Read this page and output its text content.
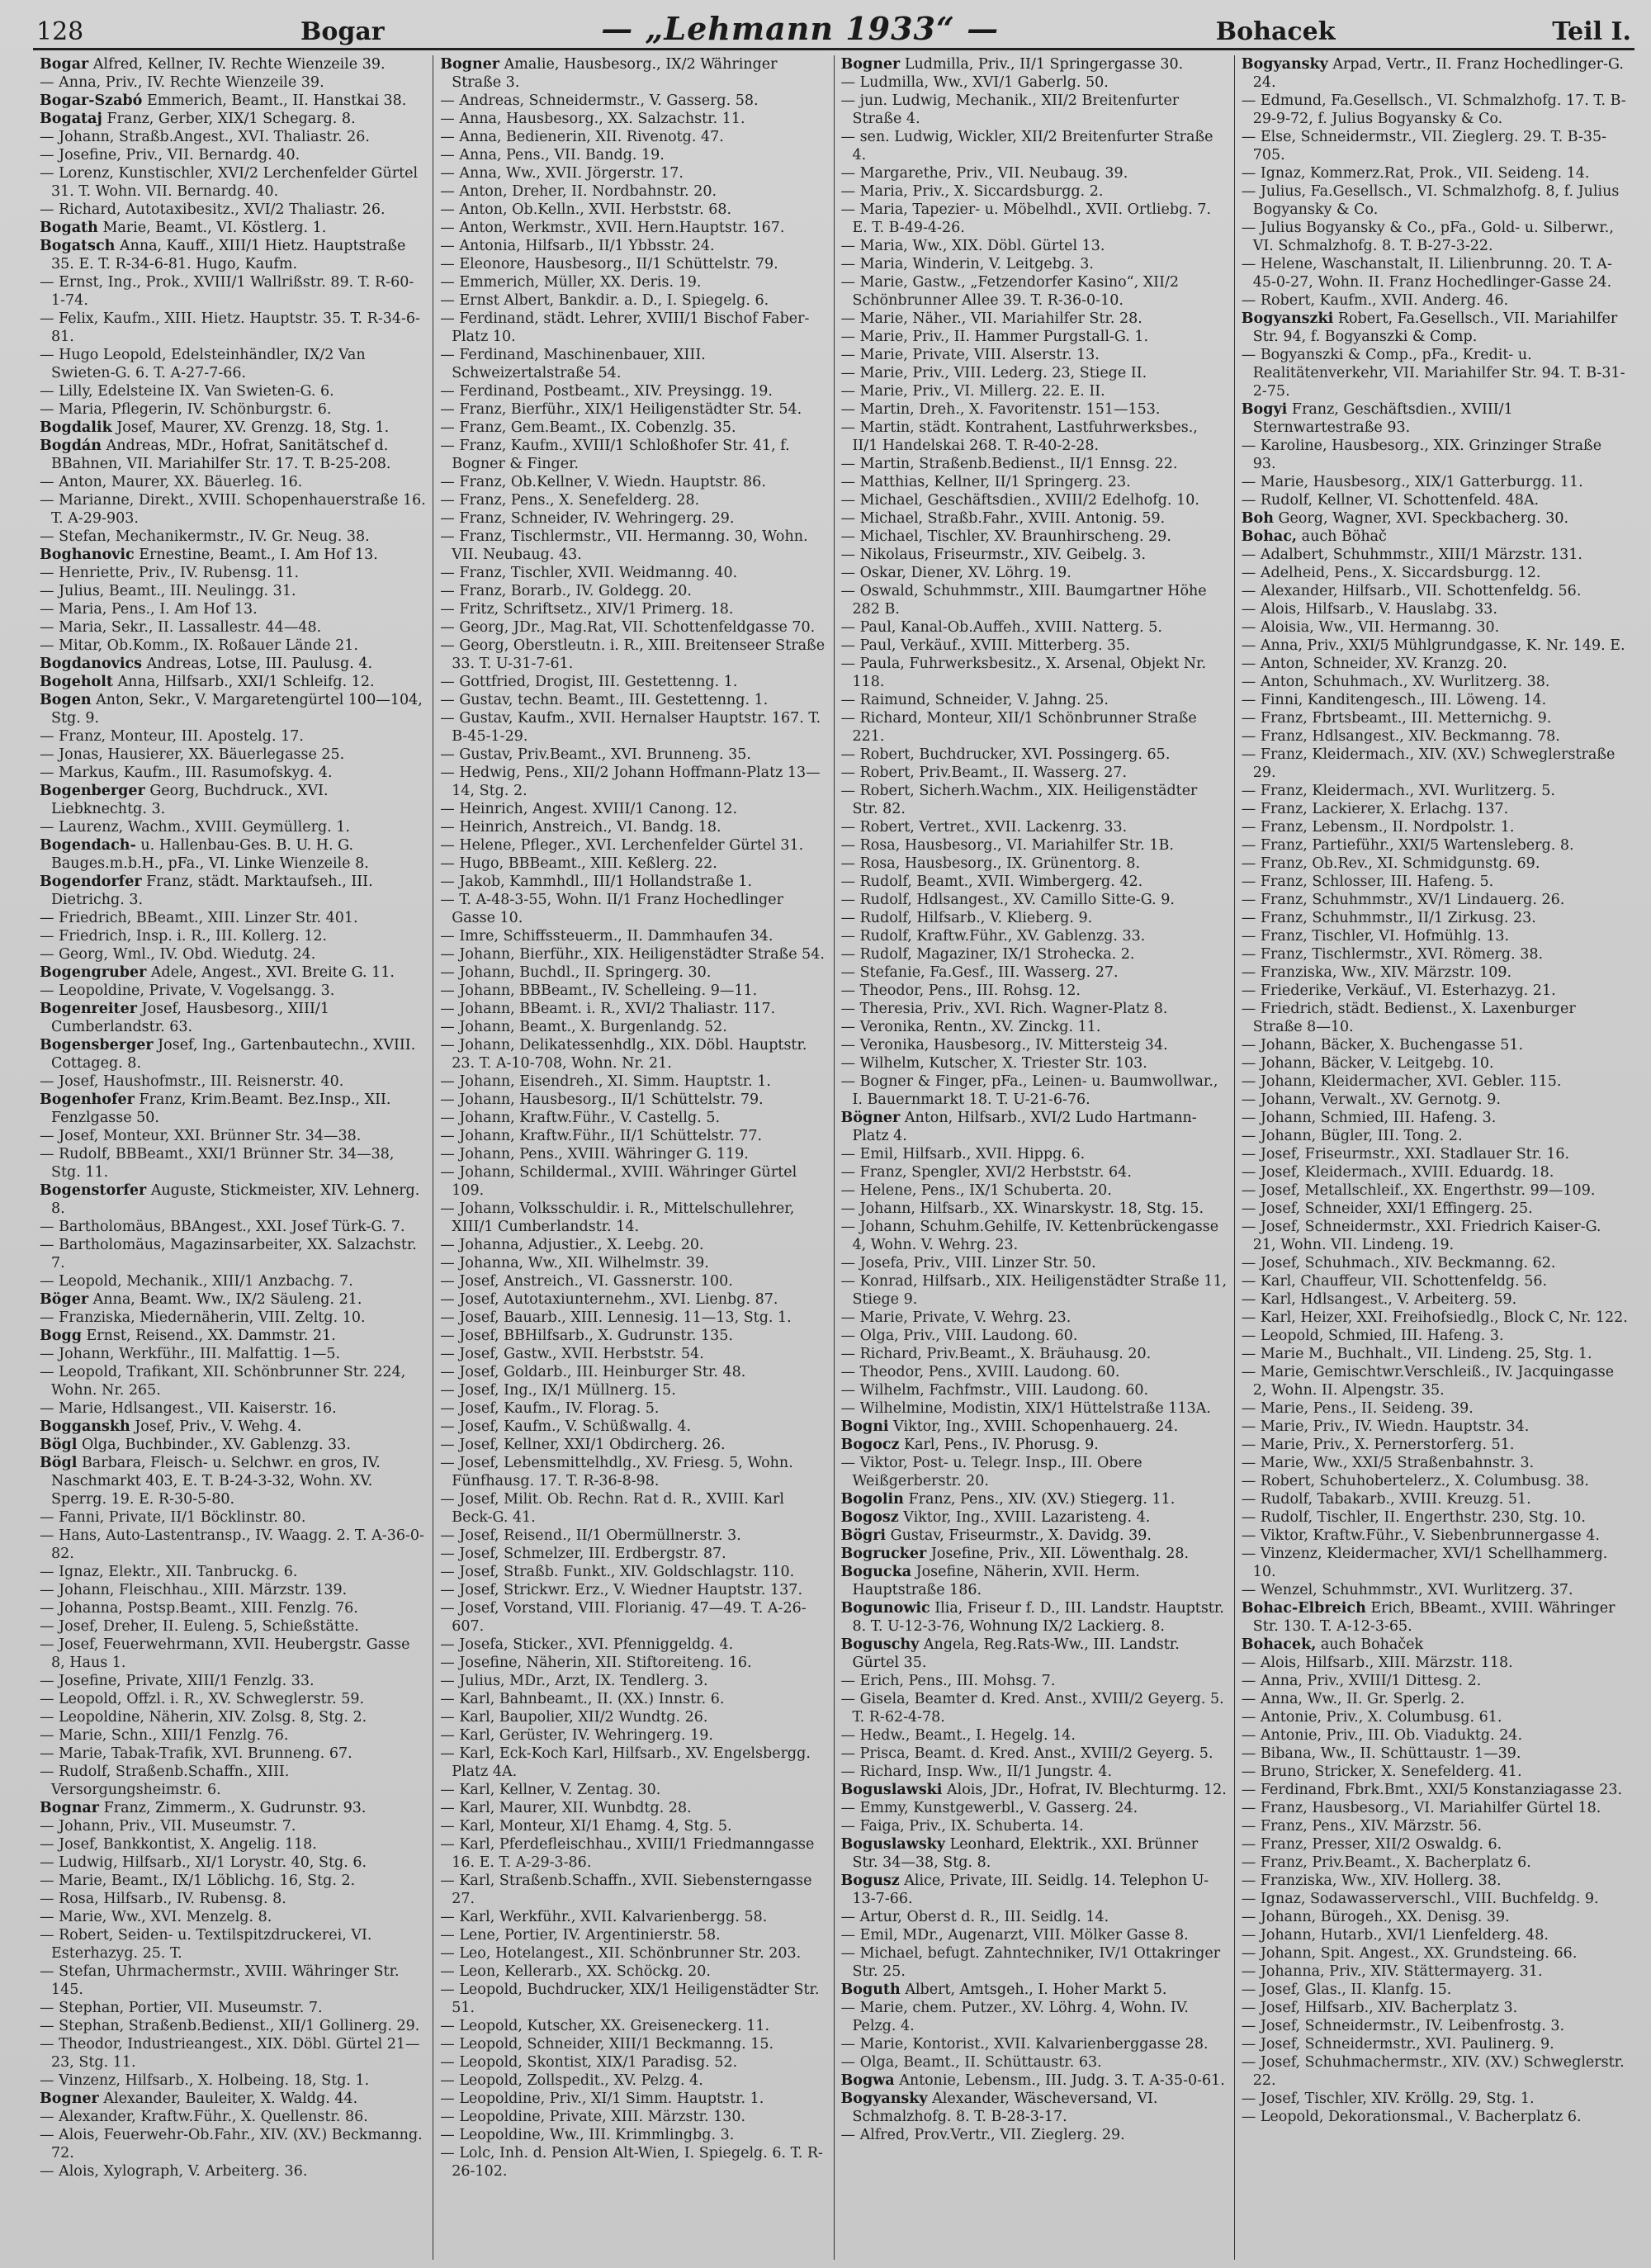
128	Bogar	— „Lehmann 1933“ —	Bohacek	Teil I.

Bogar Alfred, Kellner, IV. Rechte Wienzeile 39.

— Anna, Priv., IV. Rechte Wienzeile 39.

Bogar-Szabó Emmerich, Beamt., II. Hanstkai 38.

Bogataj Franz, Gerber, XIX/1 Schegarg. 8.

— Johann, Straßb.Angest., XVI. Thaliastr. 26.

— Josefine, Priv., VII. Bernardg. 40.

— Lorenz, Kunstischler, XVI/2 Lerchenfelder Gürtel 31. T. Wohn. VII. Bernardg. 40.

— Richard, Autotaxibesitz., XVI/2 Thaliastr. 26.

Bogath Marie, Beamt., VI. Köstlerg. 1.

Bogatsch Anna, Kauff., XIII/1 Hietz. Hauptstraße 35. E. T. R-34-6-81. Hugo, Kaufm.

— Ernst, Ing., Prok., XVIII/1 Wallrißstr. 89. T. R-60-1-74.

— Felix, Kaufm., XIII. Hietz. Hauptstr. 35. T. R-34-6-81.

— Hugo Leopold, Edelsteinhändler, IX/2 Van Swieten-G. 6. T. A-27-7-66.

— Lilly, Edelsteine IX. Van Swieten-G. 6.

— Maria, Pflegerin, IV. Schönburgstr. 6.

Bogdalik Josef, Maurer, XV. Grenzg. 18, Stg. 1.

Bogdán Andreas, MDr., Hofrat, Sanitätschef d. BBahnen, VII. Mariahilfer Str. 17. T. B-25-208.

— Anton, Maurer, XX. Bäuerleg. 16.

— Marianne, Direkt., XVIII. Schopenhauerstraße 16. T. A-29-903.

— Stefan, Mechanikermstr., IV. Gr. Neug. 38.

Boghanovic Ernestine, Beamt., I. Am Hof 13.

— Henriette, Priv., IV. Rubensg. 11.

— Julius, Beamt., III. Neulingg. 31.

— Maria, Pens., I. Am Hof 13.

— Maria, Sekr., II. Lassallestr. 44—48.

— Mitar, Ob.Komm., IX. Roßauer Lände 21.

Bogdanovics Andreas, Lotse, III. Paulusg. 4.

Bogeholt Anna, Hilfsarb., XXI/1 Schleifg. 12.

Bogen Anton, Sekr., V. Margaretengürtel 100—104, Stg. 9.

— Franz, Monteur, III. Apostelg. 17.

— Jonas, Hausierer, XX. Bäuerlegasse 25.

— Markus, Kaufm., III. Rasumofskyg. 4.

Bogenberger Georg, Buchdruck., XVI. Liebknechtg. 3.

— Laurenz, Wachm., XVIII. Geymüllerg. 1.

Bogendach- u. Hallenbau-Ges. B. U. H. G. Bauges.m.b.H., pFa., VI. Linke Wienzeile 8.

Bogendorfer Franz, städt. Marktaufseh., III. Dietrichg. 3.

— Friedrich, BBeamt., XIII. Linzer Str. 401.

— Friedrich, Insp. i. R., III. Kollerg. 12.

— Georg, Wml., IV. Obd. Wiedutg. 24.

Bogengruber Adele, Angest., XVI. Breite G. 11.

— Leopoldine, Private, V. Vogelsangg. 3.

Bogenreiter Josef, Hausbesorg., XIII/1 Cumberlandstr. 63.

Bogensberger Josef, Ing., Gartenbautechn., XVIII. Cottageg. 8.

— Josef, Haushofmstr., III. Reisnerstr. 40.

Bogenhofer Franz, Krim.Beamt. Bez.Insp., XII. Fenzlgasse 50.

— Josef, Monteur, XXI. Brünner Str. 34—38.

— Rudolf, BBBeamt., XXI/1 Brünner Str. 34—38, Stg. 11.

Bogenstorfer Auguste, Stickmeister, XIV. Lehnerg. 8.

— Bartholomäus, BBAngest., XXI. Josef Türk-G. 7.

— Bartholomäus, Magazinsarbeiter, XX. Salzachstr. 7.

— Leopold, Mechanik., XIII/1 Anzbachg. 7.

Böger Anna, Beamt. Ww., IX/2 Säuleng. 21.

— Franziska, Miedernäherin, VIII. Zeltg. 10.

Bogg Ernst, Reisend., XX. Dammstr. 21.

— Johann, Werkführ., III. Malfattig. 1—5.

— Leopold, Trafikant, XII. Schönbrunner Str. 224, Wohn. Nr. 265.

— Marie, Hdlsangest., VII. Kaiserstr. 16.

Bogganskh Josef, Priv., V. Wehg. 4.

Bögl Olga, Buchbinder., XV. Gablenzg. 33.

Bögl Barbara, Fleisch- u. Selchwr. en gros, IV. Naschmarkt 403, E. T. B-24-3-32, Wohn. XV. Sperrg. 19. E. R-30-5-80.

— Fanni, Private, II/1 Böcklinstr. 80.

— Hans, Auto-Lastentransp., IV. Waagg. 2. T. A-36-0-82.

— Ignaz, Elektr., XII. Tanbruckg. 6.

— Johann, Fleischhau., XIII. Märzstr. 139.

— Johanna, Postsp.Beamt., XIII. Fenzlg. 76.

— Josef, Dreher, II. Euleng. 5, Schießstätte.

— Josef, Feuerwehrmann, XVII. Heubergstr. Gasse 8, Haus 1.

— Josefine, Private, XIII/1 Fenzlg. 33.

— Leopold, Offzl. i. R., XV. Schweglerstr. 59.

— Leopoldine, Näherin, XIV. Zolsg. 8, Stg. 2.

— Marie, Schn., XIII/1 Fenzlg. 76.

— Marie, Tabak-Trafik, XVI. Brunneng. 67.

— Rudolf, Straßenb.Schaffn., XIII. Versorgungsheimstr. 6.

Bognar Franz, Zimmerm., X. Gudrunstr. 93.

— Johann, Priv., VII. Museumstr. 7.

— Josef, Bankkontist, X. Angelig. 118.

— Ludwig, Hilfsarb., XI/1 Lorystr. 40, Stg. 6.

— Marie, Beamt., IX/1 Löblichg. 16, Stg. 2.

— Rosa, Hilfsarb., IV. Rubensg. 8.

— Marie, Ww., XVI. Menzelg. 8.

— Robert, Seiden- u. Textilspitzdruckerei, VI. Esterhazyg. 25. T.

— Stefan, Uhrmachermstr., XVIII. Währinger Str. 145.

— Stephan, Portier, VII. Museumstr. 7.

— Stephan, Straßenb.Bedienst., XII/1 Gollinerg. 29.

— Theodor, Industrieangest., XIX. Döbl. Gürtel 21—23, Stg. 11.

— Vinzenz, Hilfsarb., X. Holbeing. 18, Stg. 1.

Bogner Alexander, Bauleiter, X. Waldg. 44.

— Alexander, Kraftw.Führ., X. Quellenstr. 86.

— Alois, Feuerwehr-Ob.Fahr., XIV. (XV.) Beckmanng. 72.

— Alois, Xylograph, V. Arbeiterg. 36.

Bogner Amalie, Hausbesorg., IX/2 Währinger Straße 3.

— Andreas, Schneidermstr., V. Gasserg. 58.

— Anna, Hausbesorg., XX. Salzachstr. 11.

— Anna, Bedienerin, XII. Rivenotg. 47.

— Anna, Pens., VII. Bandg. 19.

— Anna, Ww., XVII. Jörgerstr. 17.

— Anton, Dreher, II. Nordbahnstr. 20.

— Anton, Ob.Kelln., XVII. Herbststr. 68.

— Anton, Werkmstr., XVII. Hern.Hauptstr. 167.

— Antonia, Hilfsarb., II/1 Ybbsstr. 24.

— Eleonore, Hausbesorg., II/1 Schüttelstr. 79.

— Emmerich, Müller, XX. Deris. 19.

— Ernst Albert, Bankdir. a. D., I. Spiegelg. 6.

— Ferdinand, städt. Lehrer, XVIII/1 Bischof Faber-Platz 10.

— Ferdinand, Maschinenbauer, XIII. Schweizertalstraße 54.

— Ferdinand, Postbeamt., XIV. Preysingg. 19.

— Franz, Bierführ., XIX/1 Heiligenstädter Str. 54.

— Franz, Gem.Beamt., IX. Cobenzlg. 35.

— Franz, Kaufm., XVIII/1 Schloßhofer Str. 41, f. Bogner & Finger.

— Franz, Ob.Kellner, V. Wiedn. Hauptstr. 86.

— Franz, Pens., X. Senefelderg. 28.

— Franz, Schneider, IV. Wehringerg. 29.

— Franz, Tischlermstr., VII. Hermanng. 30, Wohn. VII. Neubaug. 43.

— Franz, Tischler, XVII. Weidmanng. 40.

— Franz, Borarb., IV. Goldegg. 20.

— Fritz, Schriftsetz., XIV/1 Primerg. 18.

— Georg, JDr., Mag.Rat, VII. Schottenfeldgasse 70.

— Georg, Oberstleutn. i. R., XIII. Breitenseer Straße 33. T. U-31-7-61.

— Gottfried, Drogist, III. Gestettenng. 1.

— Gustav, techn. Beamt., III. Gestettenng. 1.

— Gustav, Kaufm., XVII. Hernalser Hauptstr. 167. T. B-45-1-29.

— Gustav, Priv.Beamt., XVI. Brunneng. 35.

— Hedwig, Pens., XII/2 Johann Hoffmann-Platz 13—14, Stg. 2.

— Heinrich, Angest. XVIII/1 Canong. 12.

— Heinrich, Anstreich., VI. Bandg. 18.

— Helene, Pfleger., XVI. Lerchenfelder Gürtel 31.

— Hugo, BBBeamt., XIII. Keßlerg. 22.

— Jakob, Kammhdl., III/1 Hollandstraße 1.

— T. A-48-3-55, Wohn. II/1 Franz Hochedlinger Gasse 10.

— Imre, Schiffssteuerm., II. Dammhaufen 34.

— Johann, Bierführ., XIX. Heiligenstädter Straße 54.

— Johann, Buchdl., II. Springerg. 30.

— Johann, BBBeamt., IV. Schelleing. 9—11.

— Johann, BBeamt. i. R., XVI/2 Thaliastr. 117.

— Johann, Beamt., X. Burgenlandg. 52.

— Johann, Delikatessenhdlg., XIX. Döbl. Hauptstr. 23. T. A-10-708, Wohn. Nr. 21.

— Johann, Eisendreh., XI. Simm. Hauptstr. 1.

— Johann, Hausbesorg., II/1 Schüttelstr. 79.

— Johann, Kraftw.Führ., V. Castellg. 5.

— Johann, Kraftw.Führ., II/1 Schüttelstr. 77.

— Johann, Pens., XVIII. Währinger G. 119.

— Johann, Schildermal., XVIII. Währinger Gürtel 109.

— Johann, Volksschuldir. i. R., Mittelschullehrer, XIII/1 Cumberlandstr. 14.

— Johanna, Adjustier., X. Leebg. 20.

— Johanna, Ww., XII. Wilhelmstr. 39.

— Josef, Anstreich., VI. Gassnerstr. 100.

— Josef, Autotaxiunternehm., XVI. Lienbg. 87.

— Josef, Bauarb., XIII. Lennesig. 11—13, Stg. 1.

— Josef, BBHilfsarb., X. Gudrunstr. 135.

— Josef, Gastw., XVII. Herbststr. 54.

— Josef, Goldarb., III. Heinburger Str. 48.

— Josef, Ing., IX/1 Müllnerg. 15.

— Josef, Kaufm., IV. Florag. 5.

— Josef, Kaufm., V. Schüßwallg. 4.

— Josef, Kellner, XXI/1 Obdircherg. 26.

— Josef, Lebensmittelhdlg., XV. Friesg. 5, Wohn. Fünfhausg. 17. T. R-36-8-98.

— Josef, Milit. Ob. Rechn. Rat d. R., XVIII. Karl Beck-G. 41.

— Josef, Reisend., II/1 Obermüllnerstr. 3.

— Josef, Schmelzer, III. Erdbergstr. 87.

— Josef, Straßb. Funkt., XIV. Goldschlagstr. 110.

— Josef, Strickwr. Erz., V. Wiedner Hauptstr. 137.

— Josef, Vorstand, VIII. Florianig. 47—49. T. A-26-607.

— Josefa, Sticker., XVI. Pfenniggeldg. 4.

— Josefine, Näherin, XII. Stiftoreiteng. 16.

— Julius, MDr., Arzt, IX. Tendlerg. 3.

— Karl, Bahnbeamt., II. (XX.) Innstr. 6.

— Karl, Baupolier, XII/2 Wundtg. 26.

— Karl, Gerüster, IV. Wehringerg. 19.

— Karl, Eck-Koch Karl, Hilfsarb., XV. Engelsbergg. Platz 4A.

— Karl, Kellner, V. Zentag. 30.

— Karl, Maurer, XII. Wunbdtg. 28.

— Karl, Monteur, XI/1 Ehamg. 4, Stg. 5.

— Karl, Pferdefleischhau., XVIII/1 Friedmanngasse 16. E. T. A-29-3-86.

— Karl, Straßenb.Schaffn., XVII. Siebensterngasse 27.

— Karl, Werkführ., XVII. Kalvarienbergg. 58.

— Lene, Portier, IV. Argentinierstr. 58.

— Leo, Hotelangest., XII. Schönbrunner Str. 203.

— Leon, Kellerarb., XX. Schöckg. 20.

— Leopold, Buchdrucker, XIX/1 Heiligenstädter Str. 51.

— Leopold, Kutscher, XX. Greiseneckerg. 11.

— Leopold, Schneider, XIII/1 Beckmanng. 15.

— Leopold, Skontist, XIX/1 Paradisg. 52.

— Leopold, Zollspedit., XV. Pelzg. 4.

— Leopoldine, Priv., XI/1 Simm. Hauptstr. 1.

— Leopoldine, Private, XIII. Märzstr. 130.

— Leopoldine, Ww., III. Krimmlingbg. 3.

— Lolc, Inh. d. Pension Alt-Wien, I. Spiegelg. 6. T. R-26-102.

Bogner Ludmilla, Priv., II/1 Springergasse 30.

— Ludmilla, Ww., XVI/1 Gaberlg. 50.

— jun. Ludwig, Mechanik., XII/2 Breitenfurter Straße 4.

— sen. Ludwig, Wickler, XII/2 Breitenfurter Straße 4.

— Margarethe, Priv., VII. Neubaug. 39.

— Maria, Priv., X. Siccardsburgg. 2.

— Maria, Tapezier- u. Möbelhdl., XVII. Ortliebg. 7. E. T. B-49-4-26.

— Maria, Ww., XIX. Döbl. Gürtel 13.

— Maria, Winderin, V. Leitgebg. 3.

— Marie, Gastw., „Fetzendorfer Kasino“, XII/2 Schönbrunner Allee 39. T. R-36-0-10.

— Marie, Näher., VII. Mariahilfer Str. 28.

— Marie, Priv., II. Hammer Purgstall-G. 1.

— Marie, Private, VIII. Alserstr. 13.

— Marie, Priv., VIII. Lederg. 23, Stiege II.

— Marie, Priv., VI. Millerg. 22. E. II.

— Martin, Dreh., X. Favoritenstr. 151—153.

— Martin, städt. Kontrahent, Lastfuhrwerksbes., II/1 Handelskai 268. T. R-40-2-28.

— Martin, Straßenb.Bedienst., II/1 Ennsg. 22.

— Matthias, Kellner, II/1 Springerg. 23.

— Michael, Geschäftsdien., XVIII/2 Edelhofg. 10.

— Michael, Straßb.Fahr., XVIII. Antonig. 59.

— Michael, Tischler, XV. Braunhirscheng. 29.

— Nikolaus, Friseurmstr., XIV. Geibelg. 3.

— Oskar, Diener, XV. Löhrg. 19.

— Oswald, Schuhmmstr., XIII. Baumgartner Höhe 282 B.

— Paul, Kanal-Ob.Auffeh., XVIII. Natterg. 5.

— Paul, Verkäuf., XVIII. Mitterberg. 35.

— Paula, Fuhrwerksbesitz., X. Arsenal, Objekt Nr. 118.

— Raimund, Schneider, V. Jahng. 25.

— Richard, Monteur, XII/1 Schönbrunner Straße 221.

— Robert, Buchdrucker, XVI. Possingerg. 65.

— Robert, Priv.Beamt., II. Wasserg. 27.

— Robert, Sicherh.Wachm., XIX. Heiligenstädter Str. 82.

— Robert, Vertret., XVII. Lackenrg. 33.

— Rosa, Hausbesorg., VI. Mariahilfer Str. 1B.

— Rosa, Hausbesorg., IX. Grünentorg. 8.

— Rudolf, Beamt., XVII. Wimbergerg. 42.

— Rudolf, Hdlsangest., XV. Camillo Sitte-G. 9.

— Rudolf, Hilfsarb., V. Klieberg. 9.

— Rudolf, Kraftw.Führ., XV. Gablenzg. 33.

— Rudolf, Magaziner, IX/1 Strohecka. 2.

— Stefanie, Fa.Gesf., III. Wasserg. 27.

— Theodor, Pens., III. Rohsg. 12.

— Theresia, Priv., XVI. Rich. Wagner-Platz 8.

— Veronika, Rentn., XV. Zinckg. 11.

— Veronika, Hausbesorg., IV. Mittersteig 34.

— Wilhelm, Kutscher, X. Triester Str. 103.

— Bogner & Finger, pFa., Leinen- u. Baumwollwar., I. Bauernmarkt 18. T. U-21-6-76.

Bögner Anton, Hilfsarb., XVI/2 Ludo Hartmann-Platz 4.

— Emil, Hilfsarb., XVII. Hippg. 6.

— Franz, Spengler, XVI/2 Herbststr. 64.

— Helene, Pens., IX/1 Schuberta. 20.

— Johann, Hilfsarb., XX. Winarskystr. 18, Stg. 15.

— Johann, Schuhm.Gehilfe, IV. Kettenbrückengasse 4, Wohn. V. Wehrg. 23.

— Josefa, Priv., VIII. Linzer Str. 50.

— Konrad, Hilfsarb., XIX. Heiligenstädter Straße 11, Stiege 9.

— Marie, Private, V. Wehrg. 23.

— Olga, Priv., VIII. Laudong. 60.

— Richard, Priv.Beamt., X. Bräuhausg. 20.

— Theodor, Pens., XVIII. Laudong. 60.

— Wilhelm, Fachfmstr., VIII. Laudong. 60.

— Wilhelmine, Modistin, XIX/1 Hüttelstraße 113A.

Bogni Viktor, Ing., XVIII. Schopenhauerg. 24.

Bogocz Karl, Pens., IV. Phorusg. 9.

— Viktor, Post- u. Telegr. Insp., III. Obere Weißgerberstr. 20.

Bogolin Franz, Pens., XIV. (XV.) Stiegerg. 11.

Bogosz Viktor, Ing., XVIII. Lazaristeng. 4.

Bögri Gustav, Friseurmstr., X. Davidg. 39.

Bogrucker Josefine, Priv., XII. Löwenthalg. 28.

Bogucka Josefine, Näherin, XVII. Herm. Hauptstraße 186.

Bogunowic Ilia, Friseur f. D., III. Landstr. Hauptstr. 8. T. U-12-3-76, Wohnung IX/2 Lackierg. 8.

Boguschy Angela, Reg.Rats-Ww., III. Landstr. Gürtel 35.

— Erich, Pens., III. Mohsg. 7.

— Gisela, Beamter d. Kred. Anst., XVIII/2 Geyerg. 5. T. R-62-4-78.

— Hedw., Beamt., I. Hegelg. 14.

— Prisca, Beamt. d. Kred. Anst., XVIII/2 Geyerg. 5.

— Richard, Insp. Ww., II/1 Jungstr. 4.

Boguslawski Alois, JDr., Hofrat, IV. Blechturmg. 12.

— Emmy, Kunstgewerbl., V. Gasserg. 24.

— Faiga, Priv., IX. Schuberta. 14.

Boguslawsky Leonhard, Elektrik., XXI. Brünner Str. 34—38, Stg. 8.

Bogusz Alice, Private, III. Seidlg. 14. Telephon U-13-7-66.

— Artur, Oberst d. R., III. Seidlg. 14.

— Emil, MDr., Augenarzt, VIII. Mölker Gasse 8.

— Michael, befugt. Zahntechniker, IV/1 Ottakringer Str. 25.

Boguth Albert, Amtsgeh., I. Hoher Markt 5.

— Marie, chem. Putzer., XV. Löhrg. 4, Wohn. IV. Pelzg. 4.

— Marie, Kontorist., XVII. Kalvarienberggasse 28.

— Olga, Beamt., II. Schüttaustr. 63.

Bogwa Antonie, Lebensm., III. Judg. 3. T. A-35-0-61.

Bogyansky Alexander, Wäscheversand, VI. Schmalzhofg. 8. T. B-28-3-17.

— Alfred, Prov.Vertr., VII. Zieglerg. 29.

Bogyansky Arpad, Vertr., II. Franz Hochedlinger-G. 24.

— Edmund, Fa.Gesellsch., VI. Schmalzhofg. 17. T. B-29-9-72, f. Julius Bogyansky & Co.

— Else, Schneidermstr., VII. Zieglerg. 29. T. B-35-705.

— Ignaz, Kommerz.Rat, Prok., VII. Seideng. 14.

— Julius, Fa.Gesellsch., VI. Schmalzhofg. 8, f. Julius Bogyansky & Co.

— Julius Bogyansky & Co., pFa., Gold- u. Silberwr., VI. Schmalzhofg. 8. T. B-27-3-22.

— Helene, Waschanstalt, II. Lilienbrunng. 20. T. A-45-0-27, Wohn. II. Franz Hochedlinger-Gasse 24.

— Robert, Kaufm., XVII. Anderg. 46.

Bogyanszki Robert, Fa.Gesellsch., VII. Mariahilfer Str. 94, f. Bogyanszki & Comp.

— Bogyanszki & Comp., pFa., Kredit- u. Realitätenverkehr, VII. Mariahilfer Str. 94. T. B-31-2-75.

Bogyi Franz, Geschäftsdien., XVIII/1 Sternwartestraße 93.

— Karoline, Hausbesorg., XIX. Grinzinger Straße 93.

— Marie, Hausbesorg., XIX/1 Gatterburgg. 11.

— Rudolf, Kellner, VI. Schottenfeld. 48A.

Boh Georg, Wagner, XVI. Speckbacherg. 30.

Bohac, auch Böhač

— Adalbert, Schuhmmstr., XIII/1 Märzstr. 131.

— Adelheid, Pens., X. Siccardsburgg. 12.

— Alexander, Hilfsarb., VII. Schottenfeldg. 56.

— Alois, Hilfsarb., V. Hauslabg. 33.

— Aloisia, Ww., VII. Hermanng. 30.

— Anna, Priv., XXI/5 Mühlgrundgasse, K. Nr. 149. E.

— Anton, Schneider, XV. Kranzg. 20.

— Anton, Schuhmach., XV. Wurlitzerg. 38.

— Finni, Kanditengesch., III. Löweng. 14.

— Franz, Fbrtsbeamt., III. Metternichg. 9.

— Franz, Hdlsangest., XIV. Beckmanng. 78.

— Franz, Kleidermach., XIV. (XV.) Schweglerstraße 29.

— Franz, Kleidermach., XVI. Wurlitzerg. 5.

— Franz, Lackierer, X. Erlachg. 137.

— Franz, Lebensm., II. Nordpolstr. 1.

— Franz, Partieführ., XXI/5 Wartensleberg. 8.

— Franz, Ob.Rev., XI. Schmidgunstg. 69.

— Franz, Schlosser, III. Hafeng. 5.

— Franz, Schuhmmstr., XV/1 Lindauerg. 26.

— Franz, Schuhmmstr., II/1 Zirkusg. 23.

— Franz, Tischler, VI. Hofmühlg. 13.

— Franz, Tischlermstr., XVI. Römerg. 38.

— Franziska, Ww., XIV. Märzstr. 109.

— Friederike, Verkäuf., VI. Esterhazyg. 21.

— Friedrich, städt. Bedienst., X. Laxenburger Straße 8—10.

— Johann, Bäcker, X. Buchengasse 51.

— Johann, Bäcker, V. Leitgebg. 10.

— Johann, Kleidermacher, XVI. Gebler. 115.

— Johann, Verwalt., XV. Gernotg. 9.

— Johann, Schmied, III. Hafeng. 3.

— Johann, Bügler, III. Tong. 2.

— Josef, Friseurmstr., XXI. Stadlauer Str. 16.

— Josef, Kleidermach., XVIII. Eduardg. 18.

— Josef, Metallschleif., XX. Engerthstr. 99—109.

— Josef, Schneider, XXI/1 Effingerg. 25.

— Josef, Schneidermstr., XXI. Friedrich Kaiser-G. 21, Wohn. VII. Lindeng. 19.

— Josef, Schuhmach., XIV. Beckmanng. 62.

— Karl, Chauffeur, VII. Schottenfeldg. 56.

— Karl, Hdlsangest., V. Arbeiterg. 59.

— Karl, Heizer, XXI. Freihofsiedlg., Block C, Nr. 122.

— Leopold, Schmied, III. Hafeng. 3.

— Marie M., Buchhalt., VII. Lindeng. 25, Stg. 1.

— Marie, Gemischtwr.Verschleiß., IV. Jacquingasse 2, Wohn. II. Alpengstr. 35.

— Marie, Pens., II. Seideng. 39.

— Marie, Priv., IV. Wiedn. Hauptstr. 34.

— Marie, Priv., X. Pernerstorferg. 51.

— Marie, Ww., XXI/5 Straßenbahnstr. 3.

— Robert, Schuhobertelerz., X. Columbusg. 38.

— Rudolf, Tabakarb., XVIII. Kreuzg. 51.

— Rudolf, Tischler, II. Engerthstr. 230, Stg. 10.

— Viktor, Kraftw.Führ., V. Siebenbrunnergasse 4.

— Vinzenz, Kleidermacher, XVI/1 Schellhammerg. 10.

— Wenzel, Schuhmmstr., XVI. Wurlitzerg. 37.

Bohac-Elbreich Erich, BBeamt., XVIII. Währinger Str. 130. T. A-12-3-65.

Bohacek, auch Bohaček

— Alois, Hilfsarb., XIII. Märzstr. 118.

— Anna, Priv., XVIII/1 Dittesg. 2.

— Anna, Ww., II. Gr. Sperlg. 2.

— Antonie, Priv., X. Columbusg. 61.

— Antonie, Priv., III. Ob. Viaduktg. 24.

— Bibana, Ww., II. Schüttaustr. 1—39.

— Bruno, Stricker, X. Senefelderg. 41.

— Ferdinand, Fbrk.Bmt., XXI/5 Konstanziagasse 23.

— Franz, Hausbesorg., VI. Mariahilfer Gürtel 18.

— Franz, Pens., XIV. Märzstr. 56.

— Franz, Presser, XII/2 Oswaldg. 6.

— Franz, Priv.Beamt., X. Bacherplatz 6.

— Franziska, Ww., XIV. Hollerg. 38.

— Ignaz, Sodawasserverschl., VIII. Buchfeldg. 9.

— Johann, Bürogeh., XX. Denisg. 39.

— Johann, Hutarb., XVI/1 Lienfelderg. 48.

— Johann, Spit. Angest., XX. Grundsteing. 66.

— Johanna, Priv., XIV. Stättermayerg. 31.

— Josef, Glas., II. Klanfg. 15.

— Josef, Hilfsarb., XIV. Bacherplatz 3.

— Josef, Schneidermstr., IV. Leibenfrostg. 3.

— Josef, Schneidermstr., XVI. Paulinerg. 9.

— Josef, Schuhmachermstr., XIV. (XV.) Schweglerstr. 22.

— Josef, Tischler, XIV. Kröllg. 29, Stg. 1.

— Leopold, Dekorationsmal., V. Bacherplatz 6.
